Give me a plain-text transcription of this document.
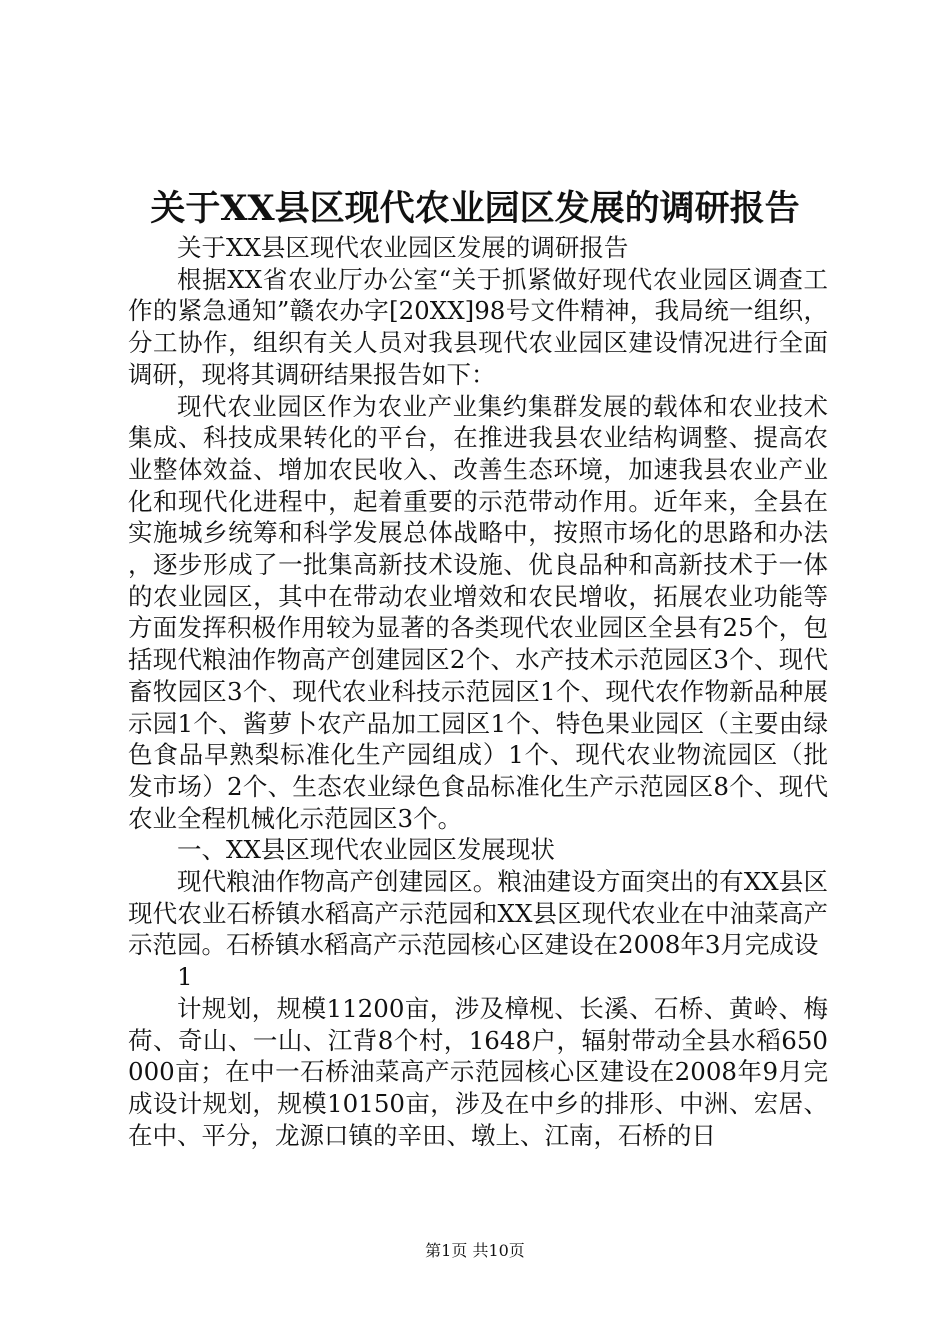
关于XX县区现代农业园区发展的调研报告

关于XX县区现代农业园区发展的调研报告

根据XX省农业厅办公室“关于抓紧做好现代农业园区调查工作的紧急通知”赣农办字[20XX]98号文件精神，我局统一组织，分工协作，组织有关人员对我县现代农业园区建设情况进行全面调研，现将其调研结果报告如下：

现代农业园区作为农业产业集约集群发展的载体和农业技术集成、科技成果转化的平台，在推进我县农业结构调整、提高农业整体效益、增加农民收入、改善生态环境，加速我县农业产业化和现代化进程中，起着重要的示范带动作用。近年来，全县在实施城乡统筹和科学发展总体战略中，按照市场化的思路和办法，逐步形成了一批集高新技术设施、优良品种和高新技术于一体的农业园区，其中在带动农业增效和农民增收，拓展农业功能等方面发挥积极作用较为显著的各类现代农业园区全县有25个，包括现代粮油作物高产创建园区2个、水产技术示范园区3个、现代畜牧园区3个、现代农业科技示范园区1个、现代农作物新品种展示园1个、酱萝卜农产品加工园区1个、特色果业园区（主要由绿色食品早熟梨标准化生产园组成）1个、现代农业物流园区（批发市场）2个、生态农业绿色食品标准化生产示范园区8个、现代农业全程机械化示范园区3个。

一、XX县区现代农业园区发展现状

现代粮油作物高产创建园区。粮油建设方面突出的有XX县区现代农业石桥镇水稻高产示范园和XX县区现代农业在中油菜高产示范园。石桥镇水稻高产示范园核心区建设在2008年3月完成设

1

计规划，规模11200亩，涉及樟枧、长溪、石桥、黄岭、梅荷、奇山、一山、江背8个村，1648户，辐射带动全县水稻650000亩；在中一石桥油菜高产示范园核心区建设在2008年9月完成设计规划，规模10150亩，涉及在中乡的排形、中洲、宏居、在中、平分，龙源口镇的辛田、墩上、江南，石桥的日

第1页 共10页
